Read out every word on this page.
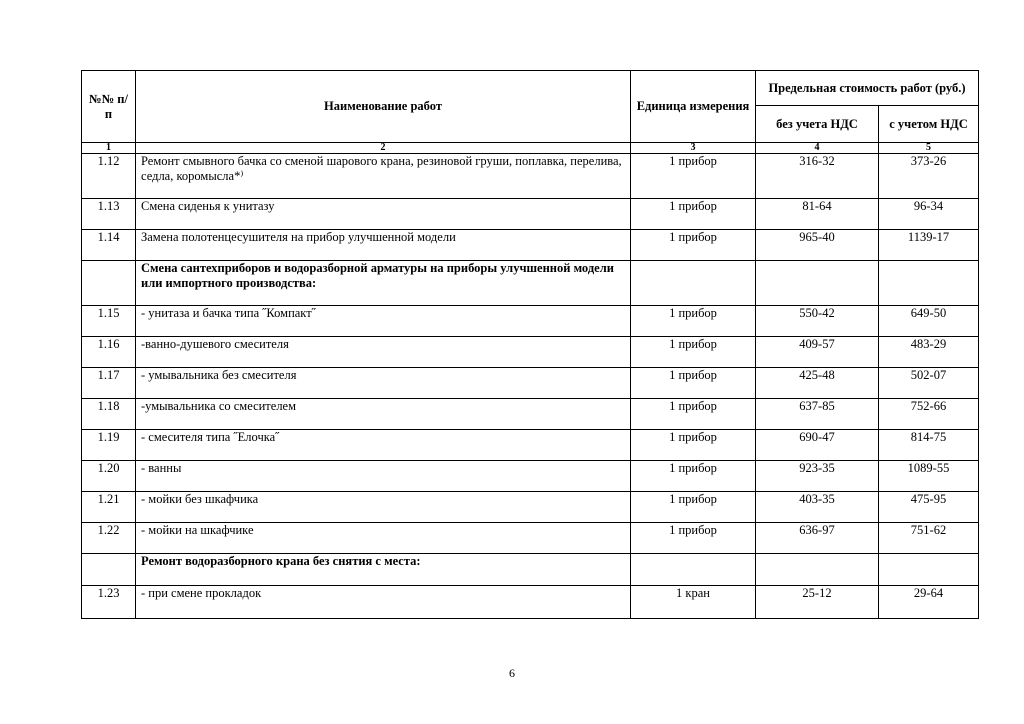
№№ п/п	Наименование работ	Единица измерения	Предельная стоимость работ (руб.)	
			без учета НДС	с учетом НДС
1	2	3	4	5
1.12	Ремонт смывного бачка со сменой шарового крана, резиновой груши, поплавка, перелива, седла, коромысла*⁾	1 прибор	316-32	373-26
1.13	Смена сиденья к унитазу	1 прибор	81-64	96-34
1.14	Замена полотенцесушителя на прибор улучшенной модели	1 прибор	965-40	1139-17
	Смена сантехприборов и водоразборной арматуры на приборы улучшенной модели или импортного производства:			
1.15	- унитаза и бачка типа ˝Компакт˝	1 прибор	550-42	649-50
1.16	-ванно-душевого смесителя	1 прибор	409-57	483-29
1.17	- умывальника без смесителя	1 прибор	425-48	502-07
1.18	-умывальника со смесителем	1 прибор	637-85	752-66
1.19	- смесителя типа ˝Елочка˝	1 прибор	690-47	814-75
1.20	- ванны	1 прибор	923-35	1089-55
1.21	- мойки без шкафчика	1 прибор	403-35	475-95
1.22	- мойки на шкафчике	1 прибор	636-97	751-62
	Ремонт водоразборного крана без снятия с места:			
1.23	- при смене прокладок	1 кран	25-12	29-64
6
